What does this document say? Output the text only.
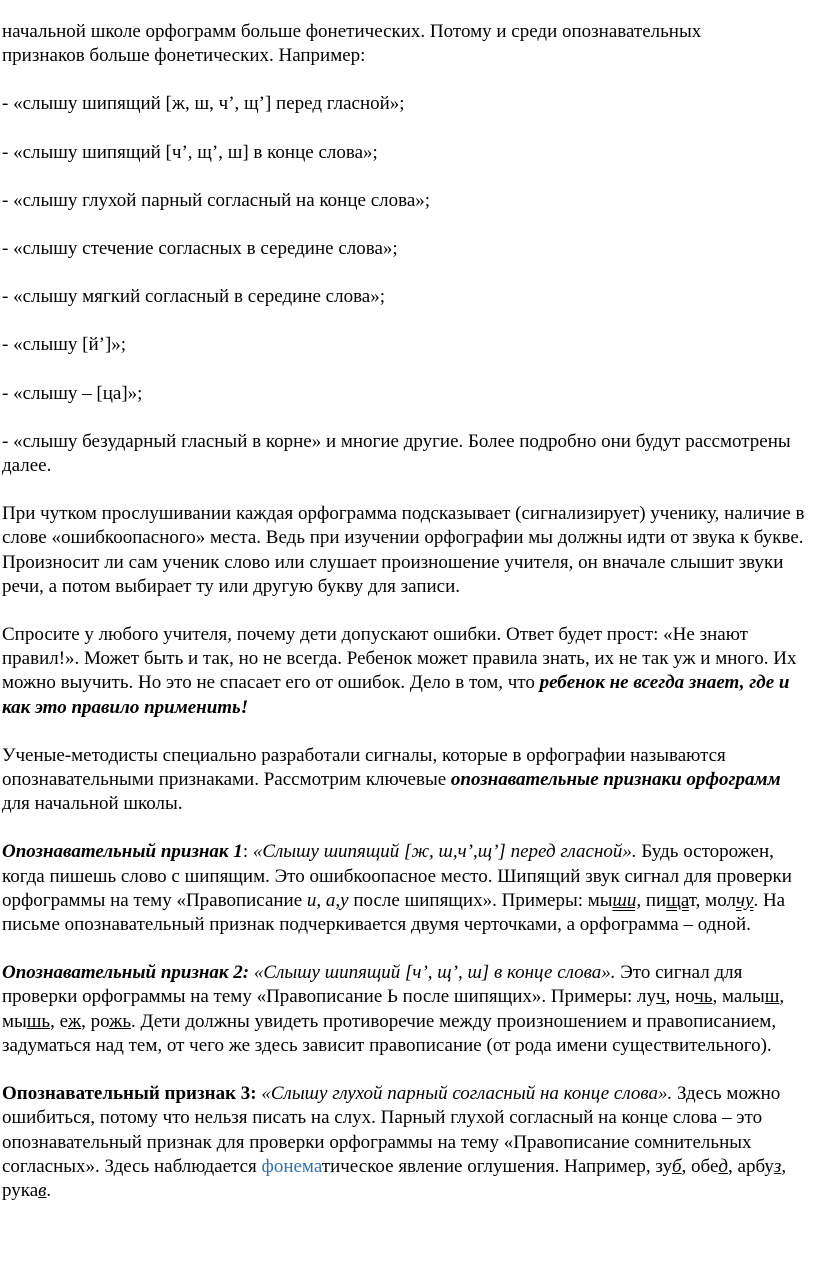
начальной школе орфограмм больше фонетических. Потому и среди опознавательных
признаков больше фонетических. Например:

- «слышу шипящий [ж, ш, ч’, щ’] перед гласной»;

- «слышу шипящий [ч’, щ’, ш] в конце слова»;

- «слышу глухой парный согласный на конце слова»;

- «слышу стечение согласных в середине слова»;

- «слышу мягкий согласный в середине слова»;

- «слышу [й’]»;

- «слышу – [ца]»;

- «слышу безударный гласный в корне» и многие другие. Более подробно они будут рассмотрены далее.

При чутком прослушивании каждая орфограмма подсказывает (сигнализирует) ученику, наличие в слове «ошибкоопасного» места. Ведь при изучении орфографии мы должны идти от звука к букве. Произносит ли сам ученик слово или слушает произношение учителя, он вначале слышит звуки речи, а потом выбирает ту или другую букву для записи.

Спросите у любого учителя, почему дети допускают ошибки. Ответ будет прост: «Не знают правил!». Может быть и так, но не всегда. Ребенок может правила знать, их не так уж и много. Их можно выучить. Но это не спасает его от ошибок. Дело в том, что ребенок не всегда знает, где и как это правило применить!

Ученые-методисты специально разработали сигналы, которые в орфографии называются опознавательными признаками. Рассмотрим ключевые опознавательные признаки орфограмм для начальной школы.

Опознавательный признак 1: «Слышу шипящий [ж, ш,ч’,щ’] перед гласной». Будь осторожен, когда пишешь слово с шипящим. Это ошибкоопасное место. Шипящий звук сигнал для проверки орфограммы на тему «Правописание и, а,у после шипящих». Примеры: мыши, пищат, молчу. На письме опознавательный признак подчеркивается двумя черточками, а орфограмма – одной.

Опознавательный признак 2: «Слышу шипящий [ч’, щ’, ш] в конце слова». Это сигнал для проверки орфограммы на тему «Правописание Ь после шипящих». Примеры: луч, ночь, малыш, мышь, еж, рожь. Дети должны увидеть противоречие между произношением и правописанием, задуматься над тем, от чего же здесь зависит правописание (от рода имени существительного).

Опознавательный признак 3: «Слышу глухой парный согласный на конце слова». Здесь можно ошибиться, потому что нельзя писать на слух. Парный глухой согласный на конце слова – это опознавательный признак для проверки орфограммы на тему «Правописание сомнительных согласных». Здесь наблюдается фонематическое явление оглушения. Например, зуб, обед, арбуз, рукав.
